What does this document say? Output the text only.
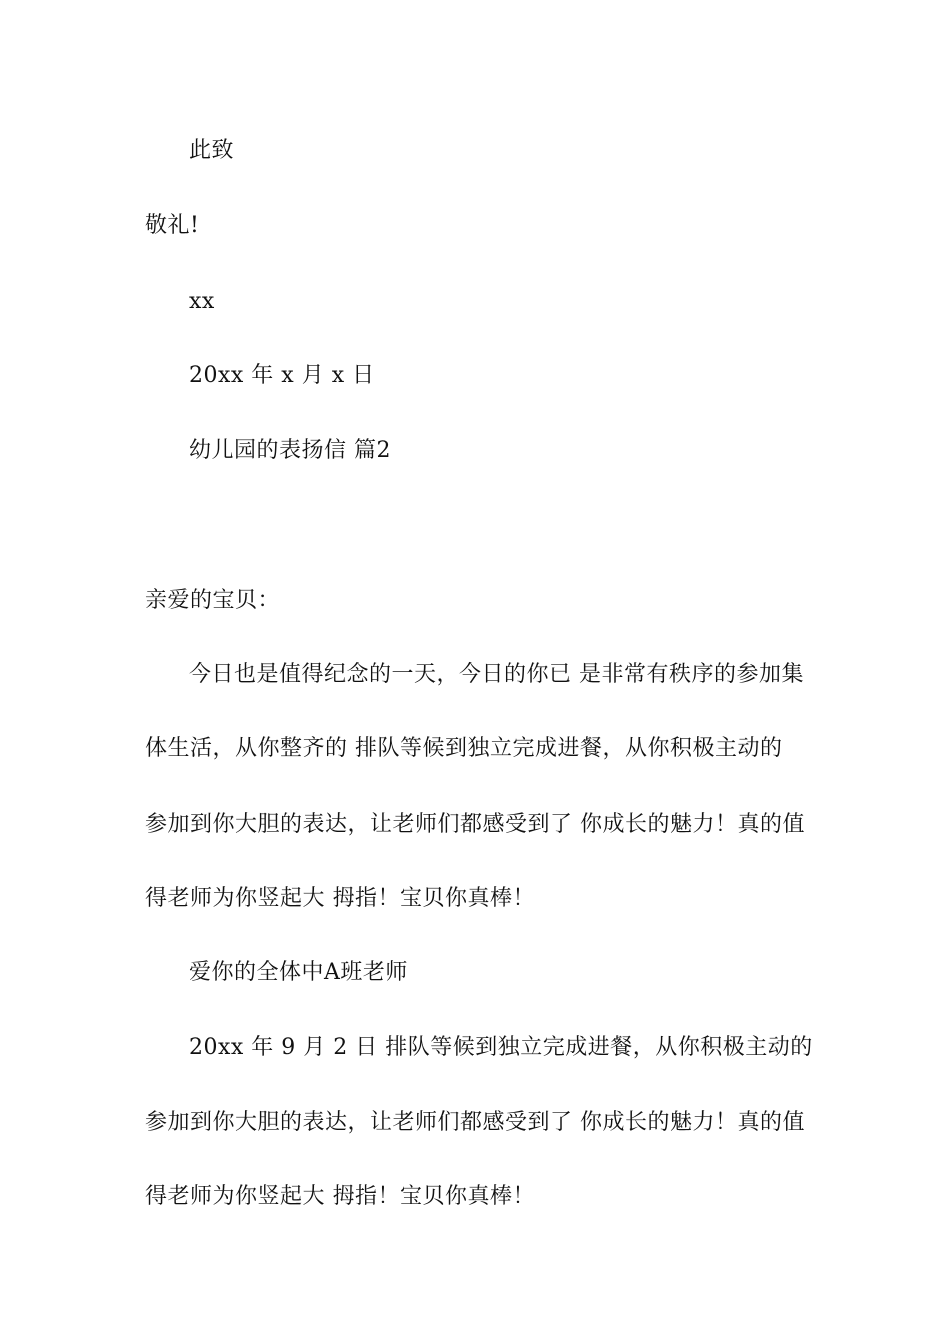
此致
敬礼!
xx
20xx 年 x 月 x 日
幼儿园的表扬信 篇2
亲爱的宝贝：
今日也是值得纪念的一天，今日的你已 是非常有秩序的参加集
体生活，从你整齐的 排队等候到独立完成进餐，从你积极主动的
参加到你大胆的表达，让老师们都感受到了 你成长的魅力！真的值
得老师为你竖起大 拇指！宝贝你真棒！
爱你的全体中A班老师
20xx 年 9 月 2 日 排队等候到独立完成进餐，从你积极主动的
参加到你大胆的表达，让老师们都感受到了 你成长的魅力！真的值
得老师为你竖起大 拇指！宝贝你真棒！
